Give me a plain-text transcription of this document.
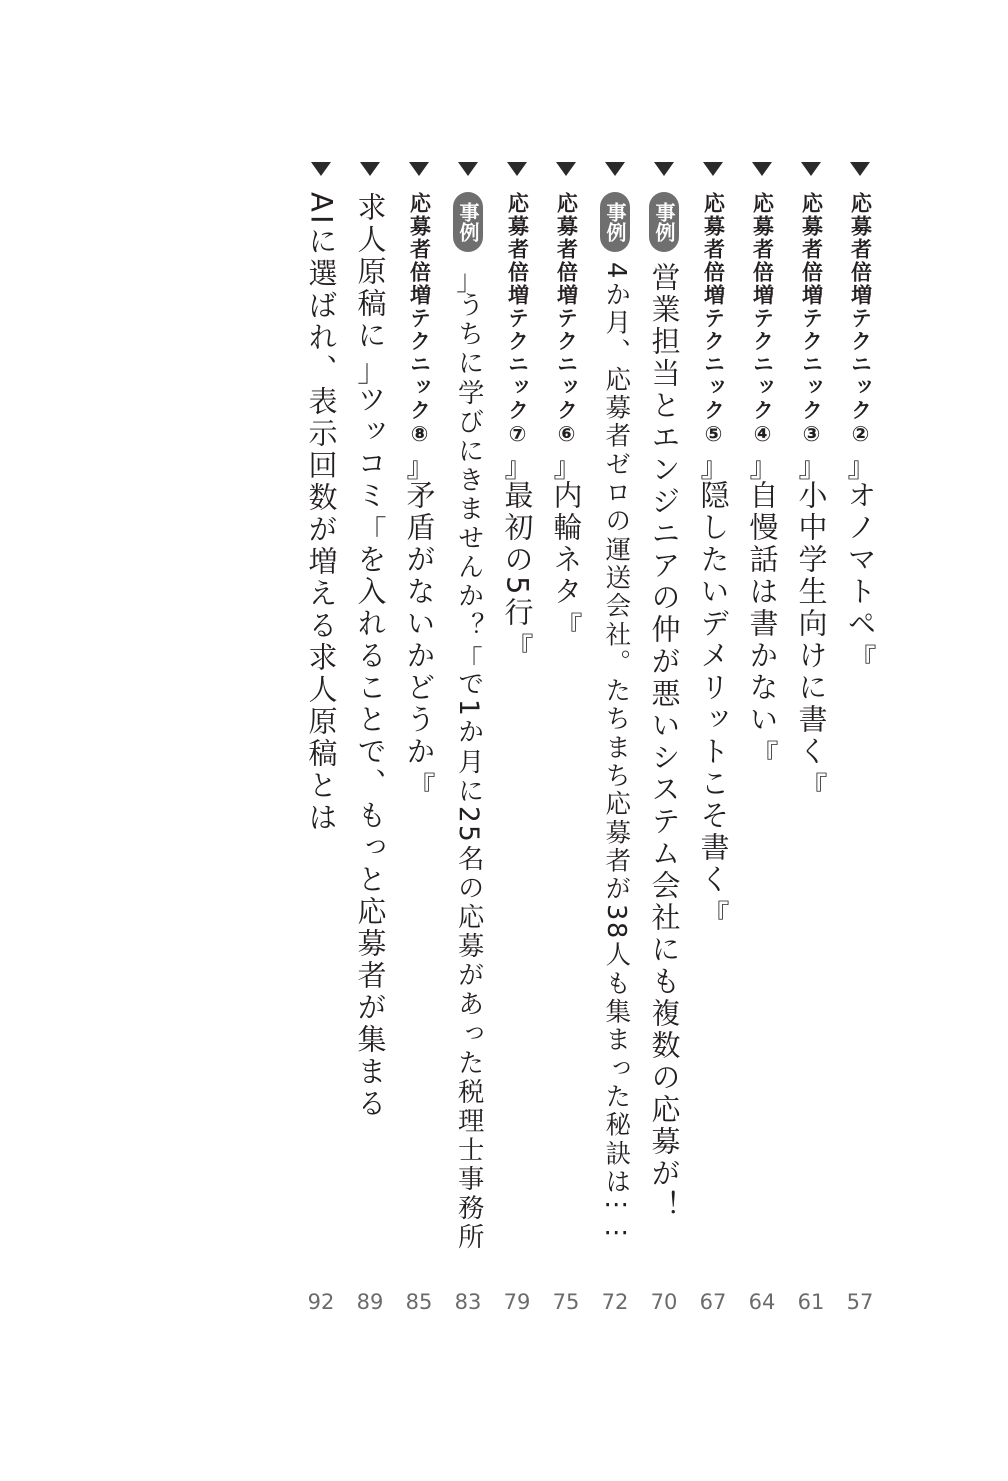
応募者倍増テクニック②『オノマトペ』
57
応募者倍増テクニック③『小中学生向けに書く』
61
応募者倍増テクニック④『自慢話は書かない』
64
応募者倍増テクニック⑤『隠したいデメリットこそ書く』
67
事例
営業担当とエンジニアの仲が悪いシステム会社にも複数の応募が！
70
事例
4か月、応募者ゼロの運送会社。たちまち応募者が38人も集まった秘訣は……
72
応募者倍増テクニック⑥『内輪ネタ』
75
応募者倍増テクニック⑦『最初の5行』
79
事例
「うちに学びにきませんか？」で1か月に25名の応募があった税理士事務所
83
応募者倍増テクニック⑧『矛盾がないかどうか』
85
求人原稿に「ツッコミ」を入れることで、もっと応募者が集まる
89
AIに選ばれ、表示回数が増える求人原稿とは
92
